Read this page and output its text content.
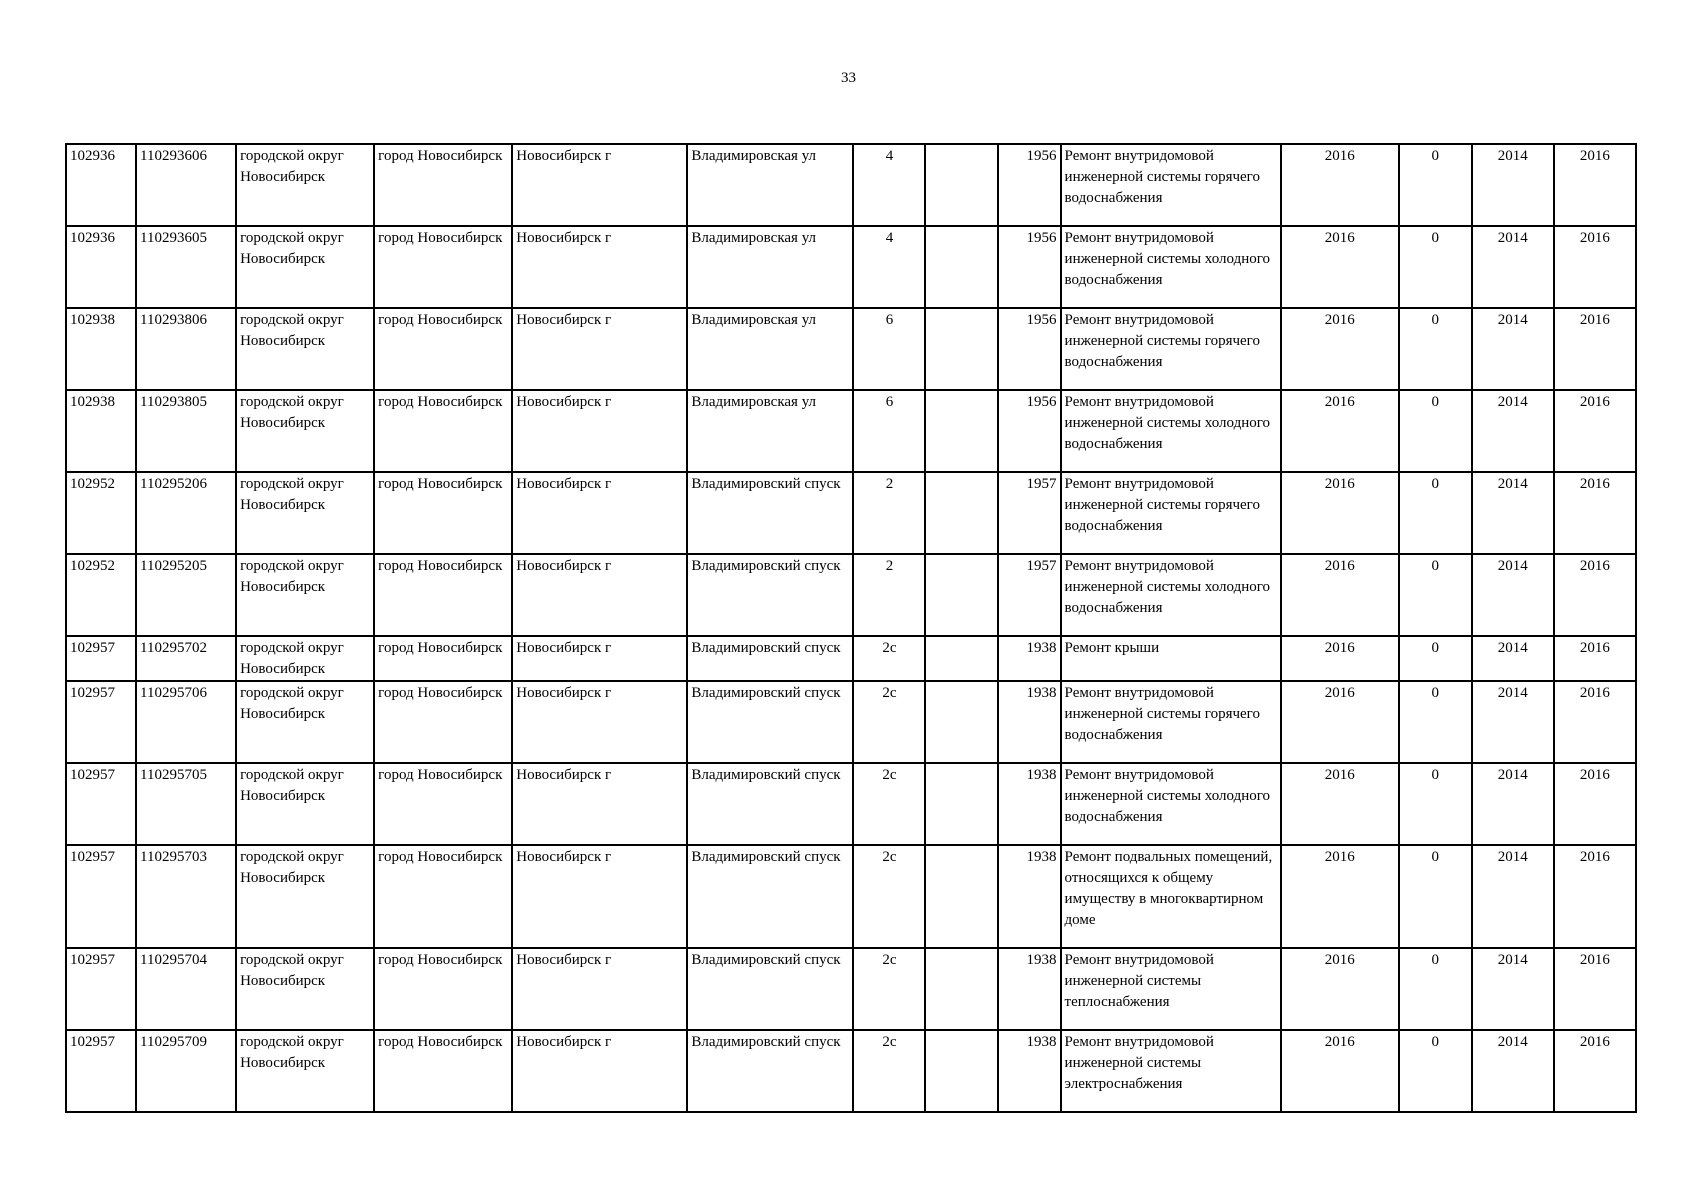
33
102936	110293606	городской округ Новосибирск	город Новосибирск	Новосибирск г	Владимировская ул	4		1956	Ремонт внутридомовой инженерной системы горячего водоснабжения	2016	0	2014	2016
102936	110293605	городской округ Новосибирск	город Новосибирск	Новосибирск г	Владимировская ул	4		1956	Ремонт внутридомовой инженерной системы холодного водоснабжения	2016	0	2014	2016
102938	110293806	городской округ Новосибирск	город Новосибирск	Новосибирск г	Владимировская ул	6		1956	Ремонт внутридомовой инженерной системы горячего водоснабжения	2016	0	2014	2016
102938	110293805	городской округ Новосибирск	город Новосибирск	Новосибирск г	Владимировская ул	6		1956	Ремонт внутридомовой инженерной системы холодного водоснабжения	2016	0	2014	2016
102952	110295206	городской округ Новосибирск	город Новосибирск	Новосибирск г	Владимировский спуск	2		1957	Ремонт внутридомовой инженерной системы горячего водоснабжения	2016	0	2014	2016
102952	110295205	городской округ Новосибирск	город Новосибирск	Новосибирск г	Владимировский спуск	2		1957	Ремонт внутридомовой инженерной системы холодного водоснабжения	2016	0	2014	2016
102957	110295702	городской округ Новосибирск	город Новосибирск	Новосибирск г	Владимировский спуск	2с		1938	Ремонт крыши	2016	0	2014	2016
102957	110295706	городской округ Новосибирск	город Новосибирск	Новосибирск г	Владимировский спуск	2с		1938	Ремонт внутридомовой инженерной системы горячего водоснабжения	2016	0	2014	2016
102957	110295705	городской округ Новосибирск	город Новосибирск	Новосибирск г	Владимировский спуск	2с		1938	Ремонт внутридомовой инженерной системы холодного водоснабжения	2016	0	2014	2016
102957	110295703	городской округ Новосибирск	город Новосибирск	Новосибирск г	Владимировский спуск	2с		1938	Ремонт подвальных помещений, относящихся к общему имуществу в многоквартирном доме	2016	0	2014	2016
102957	110295704	городской округ Новосибирск	город Новосибирск	Новосибирск г	Владимировский спуск	2с		1938	Ремонт внутридомовой инженерной системы теплоснабжения	2016	0	2014	2016
102957	110295709	городской округ Новосибирск	город Новосибирск	Новосибирск г	Владимировский спуск	2с		1938	Ремонт внутридомовой инженерной системы электроснабжения	2016	0	2014	2016
